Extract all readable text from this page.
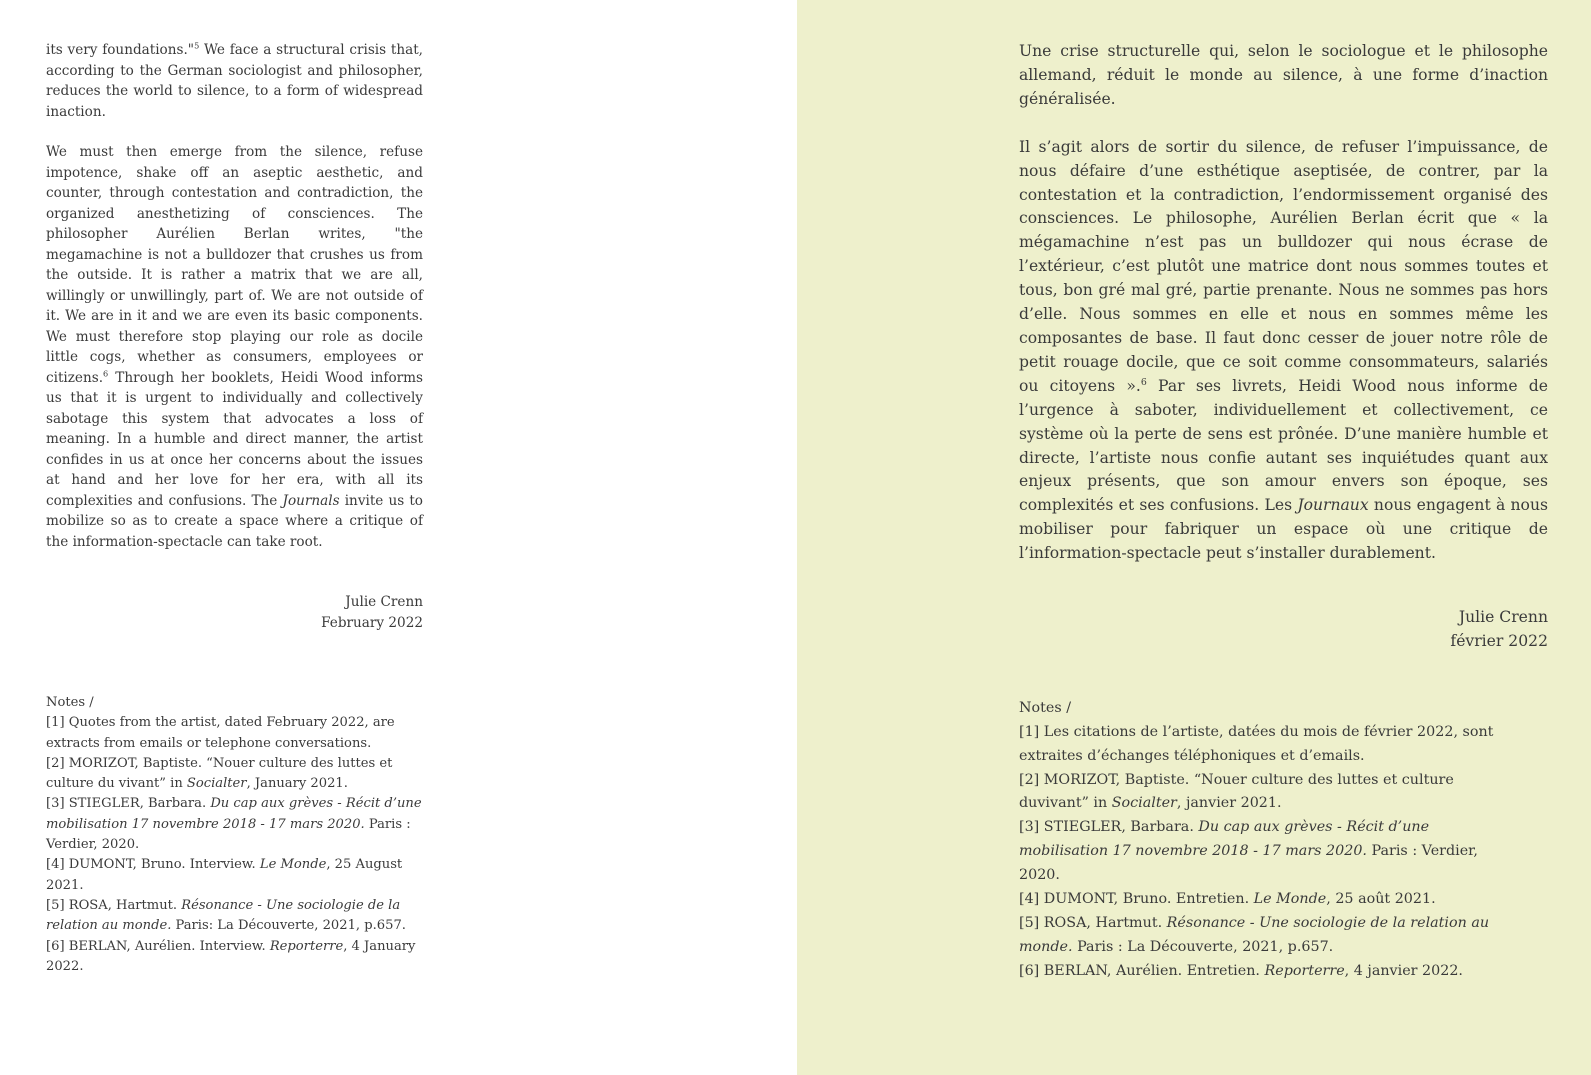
its very foundations."$^5$ We face a structural crisis that, according to the German sociologist and philosopher, reduces the world to silence, to a form of widespread inaction.

We must then emerge from the silence, refuse impotence, shake off an aseptic aesthetic, and counter, through contestation and contradiction, the organized anesthetizing of consciences. The philosopher Aurélien Berlan writes, "the megamachine is not a bulldozer that crushes us from the outside. It is rather a matrix that we are all, willingly or unwillingly, part of. We are not outside of it. We are in it and we are even its basic components. We must therefore stop playing our role as docile little cogs, whether as consumers, employees or citizens.$^6$ Through her booklets, Heidi Wood informs us that it is urgent to individually and collectively sabotage this system that advocates a loss of meaning. In a humble and direct manner, the artist confides in us at once her concerns about the issues at hand and her love for her era, with all its complexities and confusions. The Journals invite us to mobilize so as to create a space where a critique of the information-spectacle can take root.

Julie Crenn
February 2022
Notes /
[1] Quotes from the artist, dated February 2022, are extracts from emails or telephone conversations.
[2] MORIZOT, Baptiste. “Nouer culture des luttes et culture du vivant” in Socialter, January 2021.
[3] STIEGLER, Barbara. Du cap aux grèves - Récit d’une mobilisation 17 novembre 2018 - 17 mars 2020. Paris : Verdier, 2020.
[4] DUMONT, Bruno. Interview. Le Monde, 25 August 2021.
[5] ROSA, Hartmut. Résonance - Une sociologie de la relation au monde. Paris: La Découverte, 2021, p.657.
[6] BERLAN, Aurélien. Interview. Reporterre, 4 January 2022.

Une crise structurelle qui, selon le sociologue et le philosophe allemand, réduit le monde au silence, à une forme d’inaction généralisée.

Il s’agit alors de sortir du silence, de refuser l’impuissance, de nous défaire d’une esthétique aseptisée, de contrer, par la contestation et la contradiction, l’endormissement organisé des consciences. Le philosophe, Aurélien Berlan écrit que « la mégamachine n’est pas un bulldozer qui nous écrase de l’extérieur, c’est plutôt une matrice dont nous sommes toutes et tous, bon gré mal gré, partie prenante. Nous ne sommes pas hors d’elle. Nous sommes en elle et nous en sommes même les composantes de base. Il faut donc cesser de jouer notre rôle de petit rouage docile, que ce soit comme consommateurs, salariés ou citoyens ».$^6$ Par ses livrets, Heidi Wood nous informe de l’urgence à saboter, individuellement et collectivement, ce système où la perte de sens est prônée. D’une manière humble et directe, l’artiste nous confie autant ses inquiétudes quant aux enjeux présents, que son amour envers son époque, ses complexités et ses confusions. Les Journaux nous engagent à nous mobiliser pour fabriquer un espace où une critique de l’information-spectacle peut s’installer durablement.

Julie Crenn
février 2022
Notes /
[1] Les citations de l’artiste, datées du mois de février 2022, sont extraites d’échanges téléphoniques et d’emails.
[2] MORIZOT, Baptiste. “Nouer culture des luttes et culture duvivant” in Socialter, janvier 2021.
[3] STIEGLER, Barbara. Du cap aux grèves - Récit d’une mobilisation 17 novembre 2018 - 17 mars 2020. Paris : Verdier, 2020.
[4] DUMONT, Bruno. Entretien. Le Monde, 25 août 2021.
[5] ROSA, Hartmut. Résonance - Une sociologie de la relation au monde. Paris : La Découverte, 2021, p.657.
[6] BERLAN, Aurélien. Entretien. Reporterre, 4 janvier 2022.
